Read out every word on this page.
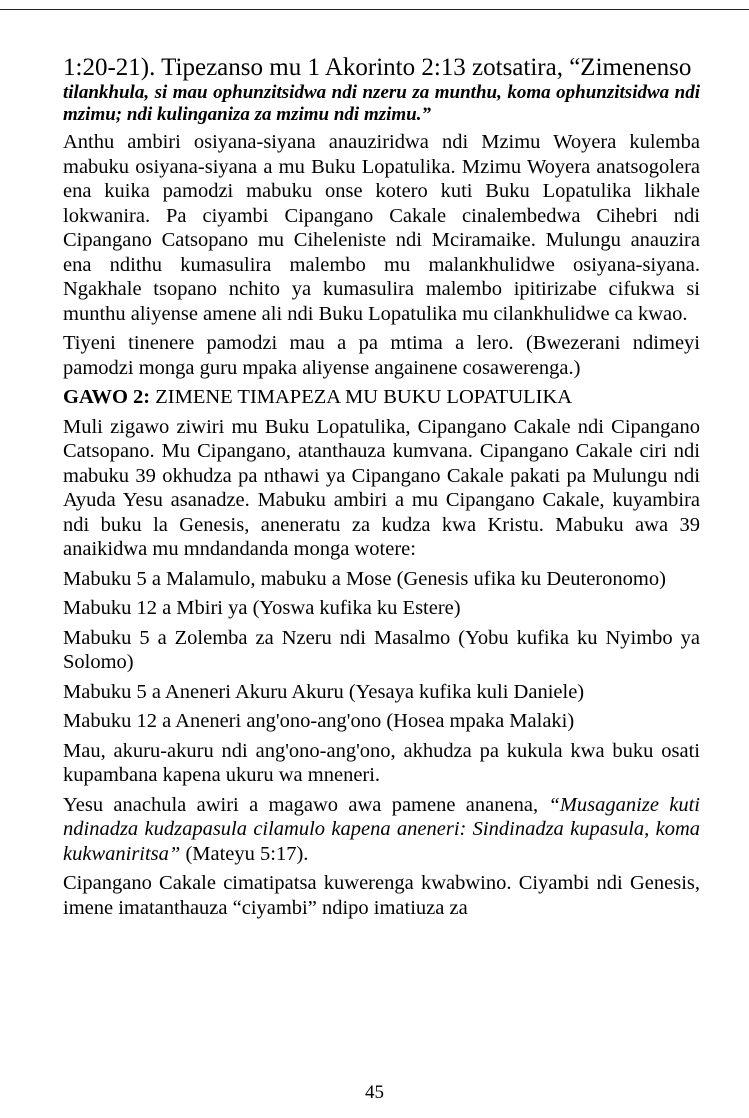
1:20-21). Tipezanso mu 1 Akorinto 2:13 zotsatira, “Zimenenso

tilankhula, si mau ophunzitsidwa ndi nzeru za munthu, koma ophunzitsidwa ndi mzimu; ndi kulinganiza za mzimu ndi mzimu.”

Anthu ambiri osiyana-siyana anauziridwa ndi Mzimu Woyera kulemba mabuku osiyana-siyana a mu Buku Lopatulika. Mzimu Woyera anatsogolera ena kuika pamodzi mabuku onse kotero kuti Buku Lopatulika likhale lokwanira. Pa ciyambi Cipangano Cakale cinalembedwa Cihebri ndi Cipangano Catsopano mu Ciheleniste ndi Mciramaike. Mulungu anauzira ena ndithu kumasulira malembo mu malankhulidwe osiyana-siyana. Ngakhale tsopano nchito ya kumasulira malembo ipitirizabe cifukwa si munthu aliyense amene ali ndi Buku Lopatulika mu cilankhulidwe ca kwao.

Tiyeni tinenere pamodzi mau a pa mtima a lero. (Bwezerani ndimeyi pamodzi monga guru mpaka aliyense angainene cosawerenga.)

GAWO 2: ZIMENE TIMAPEZA MU BUKU LOPATULIKA

Muli zigawo ziwiri mu Buku Lopatulika, Cipangano Cakale ndi Cipangano Catsopano. Mu Cipangano, atanthauza kumvana. Cipangano Cakale ciri ndi mabuku 39 okhudza pa nthawi ya Cipangano Cakale pakati pa Mulungu ndi Ayuda Yesu asanadze. Mabuku ambiri a mu Cipangano Cakale, kuyambira ndi buku la Genesis, aneneratu za kudza kwa Kristu. Mabuku awa 39 anaikidwa mu mndandanda monga wotere:

Mabuku 5 a Malamulo, mabuku a Mose (Genesis ufika ku Deuteronomo)

Mabuku 12 a Mbiri ya (Yoswa kufika ku Estere)

Mabuku 5 a Zolemba za Nzeru ndi Masalmo (Yobu kufika ku Nyimbo ya Solomo)

Mabuku 5 a Aneneri Akuru Akuru (Yesaya kufika kuli Daniele)

Mabuku 12 a Aneneri ang'ono-ang'ono (Hosea mpaka Malaki)

Mau, akuru-akuru ndi ang'ono-ang'ono, akhudza pa kukula kwa buku osati kupambana kapena ukuru wa mneneri.

Yesu anachula awiri a magawo awa pamene ananena, “Musaganize kuti ndinadza kudzapasula cilamulo kapena aneneri: Sindinadza kupasula, koma kukwaniritsa” (Mateyu 5:17).

Cipangano Cakale cimatipatsa kuwerenga kwabwino. Ciyambi ndi Genesis, imene imatanthauza “ciyambi” ndipo imatiuza za

45
